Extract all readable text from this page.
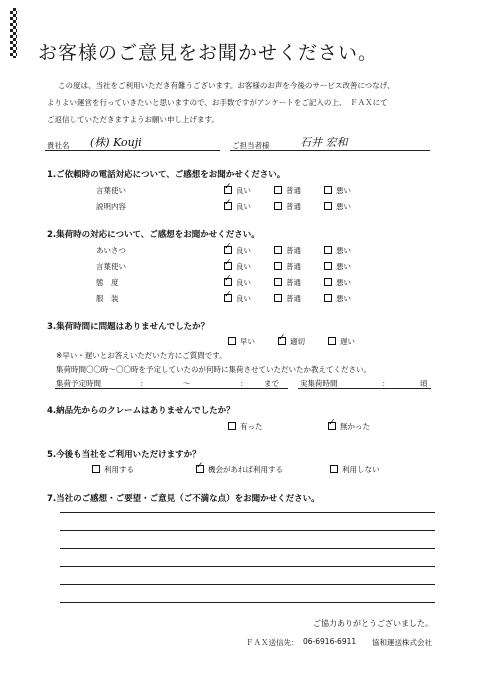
お客様のご意見をお聞かせください。
この度は、当社をご利用いただき有難うございます。お客様のお声を今後のサービス改善につなげ、
よりよい運営を行っていきたいと思いますので、お手数ですがアンケートをご記入の上、　ＦＡＸにて
ご返信していただきますようお願い申し上げます。
貴社名 (株) Kouji	ご担当者様	石井 宏和
1.ご依頼時の電話対応について、ご感想をお聞かせください。
言葉使い ✓	良い	普通	悪い
説明内容 ✓	良い	普通	悪い
2.集荷時の対応について、ご感想をお聞かせください。
あいさつ ✓	良い	普通	悪い
言葉使い ✓	良い	普通	悪い
態　度 ✓	良い	普通	悪い
服　装 ✓	良い	普通	悪い
3.集荷時間に問題はありませんでしたか？
早い ✓	適切	遅い
※早い・遅いとお答えいただいた方にご質問です。
集荷時間〇〇時～〇〇時を予定していたのが何時に集荷させていただいたか教えてください。
集荷予定時間	：	～	： まで	実集荷時間	：	頃
4.納品先からのクレームはありませんでしたか？
有った ✓	無かった
5.今後も当社をご利用いただけますか？
利用する ✓	機会があれば利用する	利用しない
7.当社のご感想・ご要望・ご意見（ご不満な点）をお聞かせください。
ご協力ありがとうございました。
ＦＡＸ送信先： 06-6916-6911 協和運送株式会社
